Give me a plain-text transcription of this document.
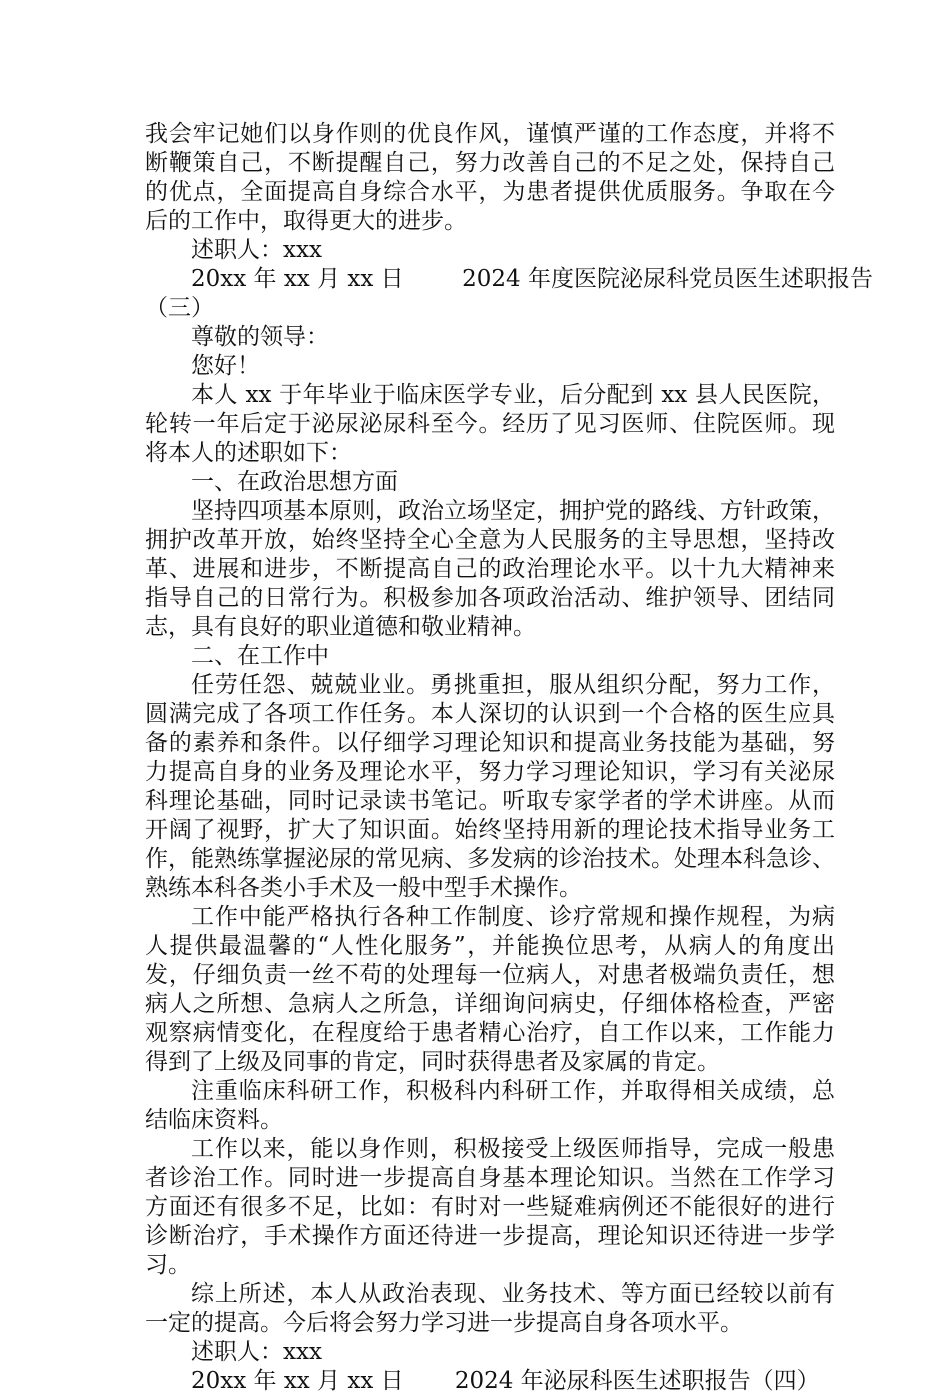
我会牢记她们以身作则的优良作风，谨慎严谨的工作态度，并将不
断鞭策自己，不断提醒自己，努力改善自己的不足之处，保持自己
的优点，全面提高自身综合水平，为患者提供优质服务。争取在今
后的工作中，取得更大的进步。
述职人：xxx
20xx 年 xx 月 xx 日        2024 年度医院泌尿科党员医生述职报告
（三）
尊敬的领导：
您好！
本人 xx 于年毕业于临床医学专业，后分配到 xx 县人民医院，
轮转一年后定于泌尿泌尿科至今。经历了见习医师、住院医师。现
将本人的述职如下：
一、在政治思想方面
坚持四项基本原则，政治立场坚定，拥护党的路线、方针政策，
拥护改革开放，始终坚持全心全意为人民服务的主导思想，坚持改
革、进展和进步，不断提高自己的政治理论水平。以十九大精神来
指导自己的日常行为。积极参加各项政治活动、维护领导、团结同
志，具有良好的职业道德和敬业精神。
二、在工作中
任劳任怨、兢兢业业。勇挑重担，服从组织分配，努力工作，
圆满完成了各项工作任务。本人深切的认识到一个合格的医生应具
备的素养和条件。以仔细学习理论知识和提高业务技能为基础，努
力提高自身的业务及理论水平，努力学习理论知识，学习有关泌尿
科理论基础，同时记录读书笔记。听取专家学者的学术讲座。从而
开阔了视野，扩大了知识面。始终坚持用新的理论技术指导业务工
作，能熟练掌握泌尿的常见病、多发病的诊治技术。处理本科急诊、
熟练本科各类小手术及一般中型手术操作。
工作中能严格执行各种工作制度、诊疗常规和操作规程，为病
人提供最温馨的“人性化服务”，并能换位思考，从病人的角度出
发，仔细负责一丝不苟的处理每一位病人，对患者极端负责任，想
病人之所想、急病人之所急，详细询问病史，仔细体格检查，严密
观察病情变化，在程度给于患者精心治疗，自工作以来，工作能力
得到了上级及同事的肯定，同时获得患者及家属的肯定。
注重临床科研工作，积极科内科研工作，并取得相关成绩，总
结临床资料。
工作以来，能以身作则，积极接受上级医师指导，完成一般患
者诊治工作。同时进一步提高自身基本理论知识。当然在工作学习
方面还有很多不足，比如：有时对一些疑难病例还不能很好的进行
诊断治疗，手术操作方面还待进一步提高，理论知识还待进一步学
习。
综上所述，本人从政治表现、业务技术、等方面已经较以前有
一定的提高。今后将会努力学习进一步提高自身各项水平。
述职人：xxx
20xx 年 xx 月 xx 日       2024 年泌尿科医生述职报告（四）
